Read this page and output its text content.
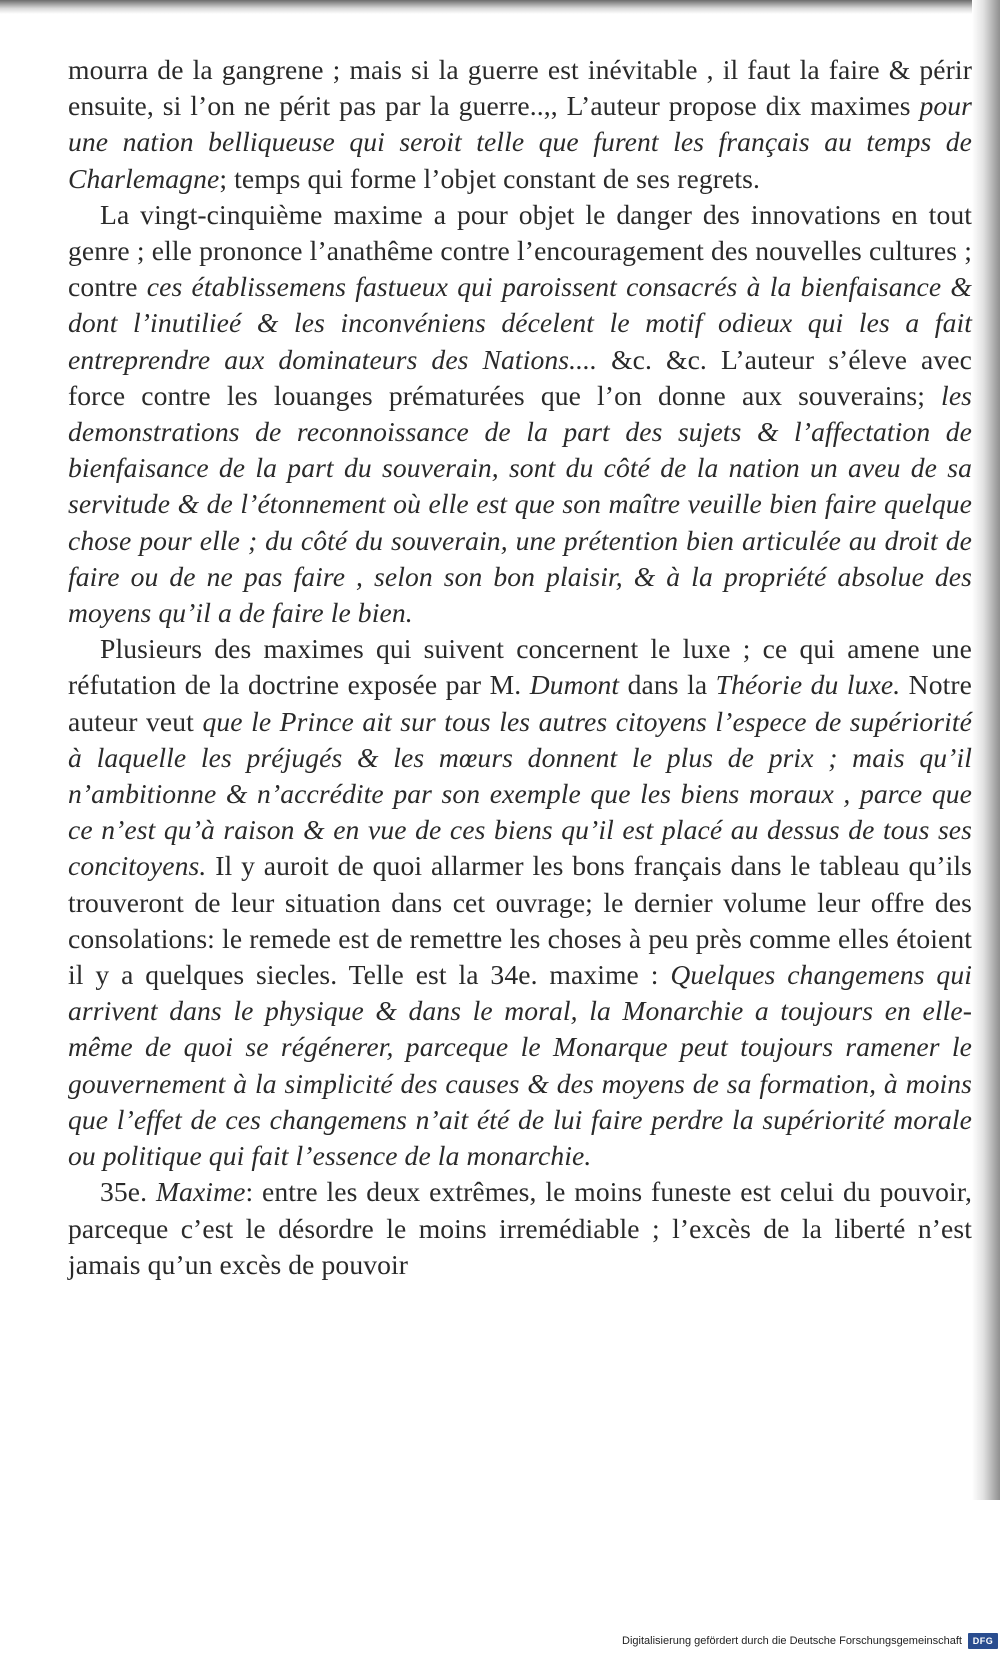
mourra de la gangrene ; mais si la guerre est inévitable , il faut la faire & périr ensuite, si l’on ne périt pas par la guerre..,, L’auteur propose dix maximes pour une nation belliqueuse qui seroit telle que furent les français au temps de Charlemagne; temps qui forme l’objet constant de ses regrets.

La vingt-cinquième maxime a pour objet le danger des innovations en tout genre ; elle prononce l’anathême contre l’encouragement des nouvelles cultures ; contre ces établissemens fastueux qui paroissent consacrés à la bienfaisance & dont l’inutilieé & les inconvéniens décelent le motif odieux qui les a fait entreprendre aux dominateurs des Nations.... &c. &c. L’auteur s’éleve avec force contre les louanges prématurées que l’on donne aux souverains; les demonstrations de reconnoissance de la part des sujets & l’affectation de bienfaisance de la part du souverain, sont du côté de la nation un aveu de sa servitude & de l’étonnement où elle est que son maître veuille bien faire quelque chose pour elle ; du côté du souverain, une prétention bien articulée au droit de faire ou de ne pas faire , selon son bon plaisir, & à la propriété absolue des moyens qu’il a de faire le bien.

Plusieurs des maximes qui suivent concernent le luxe ; ce qui amene une réfutation de la doctrine exposée par M. Dumont dans la Théorie du luxe. Notre auteur veut que le Prince ait sur tous les autres citoyens l’espece de supériorité à laquelle les préjugés & les mœurs donnent le plus de prix ; mais qu’il n’ambitionne & n’accrédite par son exemple que les biens moraux , parce que ce n’est qu’à raison & en vue de ces biens qu’il est placé au dessus de tous ses concitoyens. Il y auroit de quoi allarmer les bons français dans le tableau qu’ils trouveront de leur situation dans cet ouvrage; le dernier volume leur offre des consolations: le remede est de remettre les choses à peu près comme elles étoient il y a quelques siecles. Telle est la 34e. maxime : Quelques changemens qui arrivent dans le physique & dans le moral, la Monarchie a toujours en elle-même de quoi se régénerer, parceque le Monarque peut toujours ramener le gouvernement à la simplicité des causes & des moyens de sa formation, à moins que l’effet de ces changemens n’ait été de lui faire perdre la supériorité morale ou politique qui fait l’essence de la monarchie.

35e. Maxime: entre les deux extrêmes, le moins funeste est celui du pouvoir, parceque c’est le désordre le moins irremédiable ; l’excès de la liberté n’est jamais qu’un excès de pouvoir

Digitalisierung gefördert durch die Deutsche Forschungsgemeinschaft	DFG
